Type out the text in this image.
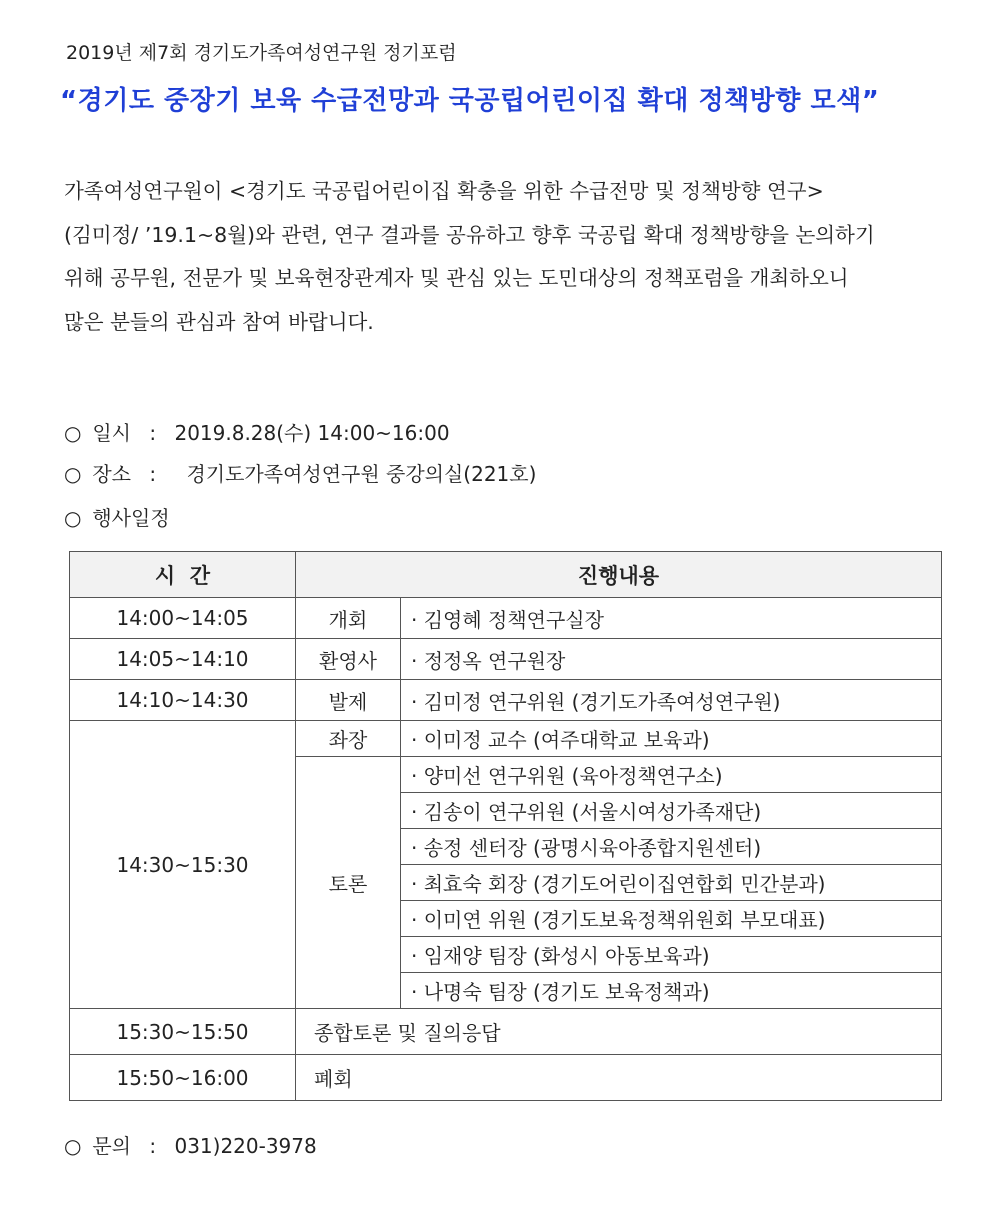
2019년 제7회 경기도가족여성연구원 정기포럼
“경기도 중장기 보육 수급전망과 국공립어린이집 확대 정책방향 모색”

가족여성연구원이 <경기도 국공립어린이집 확충을 위한 수급전망 및 정책방향 연구>

(김미정/ ’19.1~8월)와 관련, 연구 결과를 공유하고 향후 국공립 확대 정책방향을 논의하기

위해 공무원, 전문가 및 보육현장관계자 및 관심 있는 도민대상의 정책포럼을 개최하오니

많은 분들의 관심과 참여 바랍니다.

○ 일시 : 2019.8.28(수) 14:00~16:00
○ 장소 : 경기도가족여성연구원 중강의실(221호)
○ 행사일정
시  간	진행내용	
14:00~14:05	개회	· 김영혜 정책연구실장
14:05~14:10	환영사	· 정정옥 연구원장
14:10~14:30	발제	· 김미정 연구위원 (경기도가족여성연구원)
14:30~15:30	좌장	· 이미정 교수 (여주대학교 보육과)
	토론	· 양미선 연구위원 (육아정책연구소)
		· 김송이 연구위원 (서울시여성가족재단)
		· 송정 센터장 (광명시육아종합지원센터)
		· 최효숙 회장 (경기도어린이집연합회 민간분과)
		· 이미연 위원 (경기도보육정책위원회 부모대표)
		· 임재양 팀장 (화성시 아동보육과)
		· 나명숙 팀장 (경기도 보육정책과)
15:30~15:50	종합토론 및 질의응답	
15:50~16:00	폐회	
○ 문의 : 031)220-3978
